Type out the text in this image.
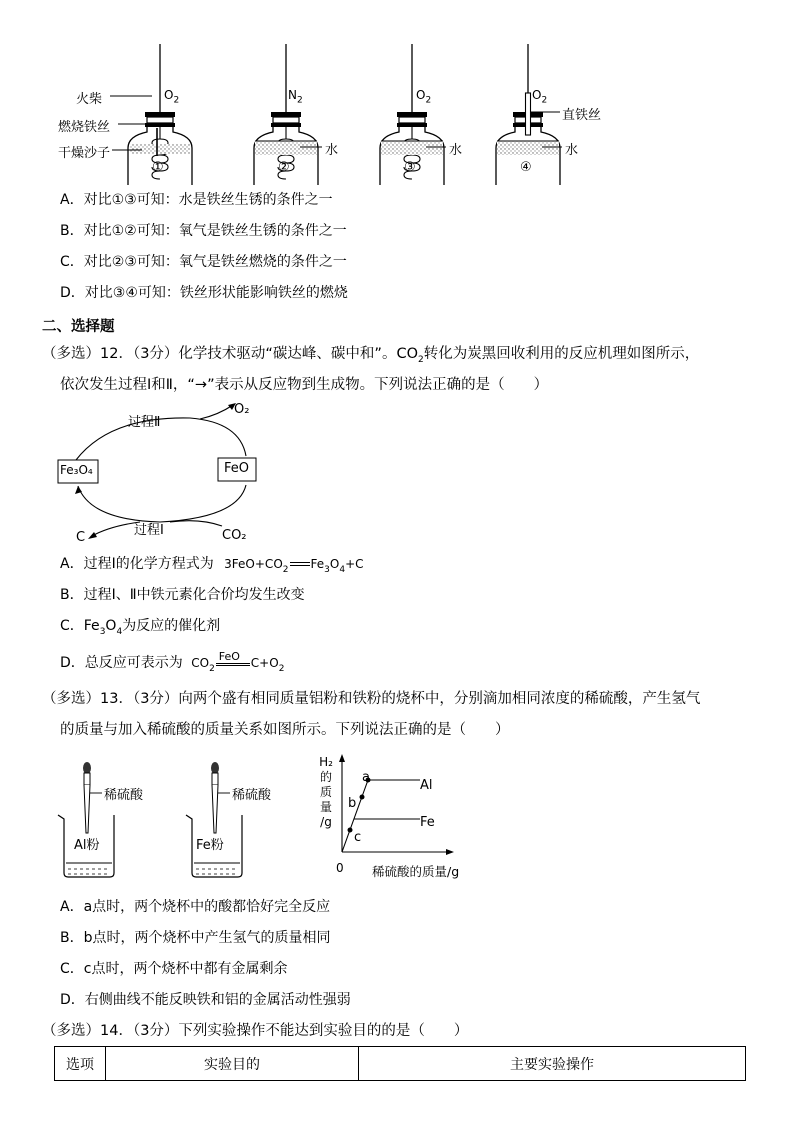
火柴
燃烧铁丝
干燥沙子
$O_2$	$N_2$	$O_2$	$O_2$
水	水	水
直铁丝
①	②	③	④
A．对比①③可知：水是铁丝生锈的条件之一
B．对比①②可知：氧气是铁丝生锈的条件之一
C．对比②③可知：氧气是铁丝燃烧的条件之一
D．对比③④可知：铁丝形状能影响铁丝的燃烧
二、选择题
（多选）12．（3分）化学技术驱动“碳达峰、碳中和”。$CO_2$转化为炭黑回收利用的反应机理如图所示，
依次发生过程Ⅰ和Ⅱ，“→”表示从反应物到生成物。下列说法正确的是（　　）
过程Ⅱ
O₂
Fe₃O₄	FeO
过程Ⅰ	CO₂
C
A．过程Ⅰ的化学方程式为 $3FeO+CO_2$ $Fe_3O_4+C$
B．过程Ⅰ、Ⅱ中铁元素化合价均发生改变
C．$Fe_3O_4$为反应的催化剂
D．总反应可表示为 $CO_2$
FeO $C+O_2$
（多选）13．（3分）向两个盛有相同质量铝粉和铁粉的烧杯中，分别滴加相同浓度的稀硫酸，产生氢气
的质量与加入稀硫酸的质量关系如图所示。下列说法正确的是（　　）
稀硫酸	稀硫酸
Al粉	Fe粉
H₂
的
质
量
/g
a
b
c
Al
Fe
0 稀硫酸的质量/g
A．a点时，两个烧杯中的酸都恰好完全反应
B．b点时，两个烧杯中产生氢气的质量相同
C．c点时，两个烧杯中都有金属剩余
D．右侧曲线不能反映铁和铝的金属活动性强弱
（多选）14．（3分）下列实验操作不能达到实验目的的是（　　）
选项	实验目的	主要实验操作
